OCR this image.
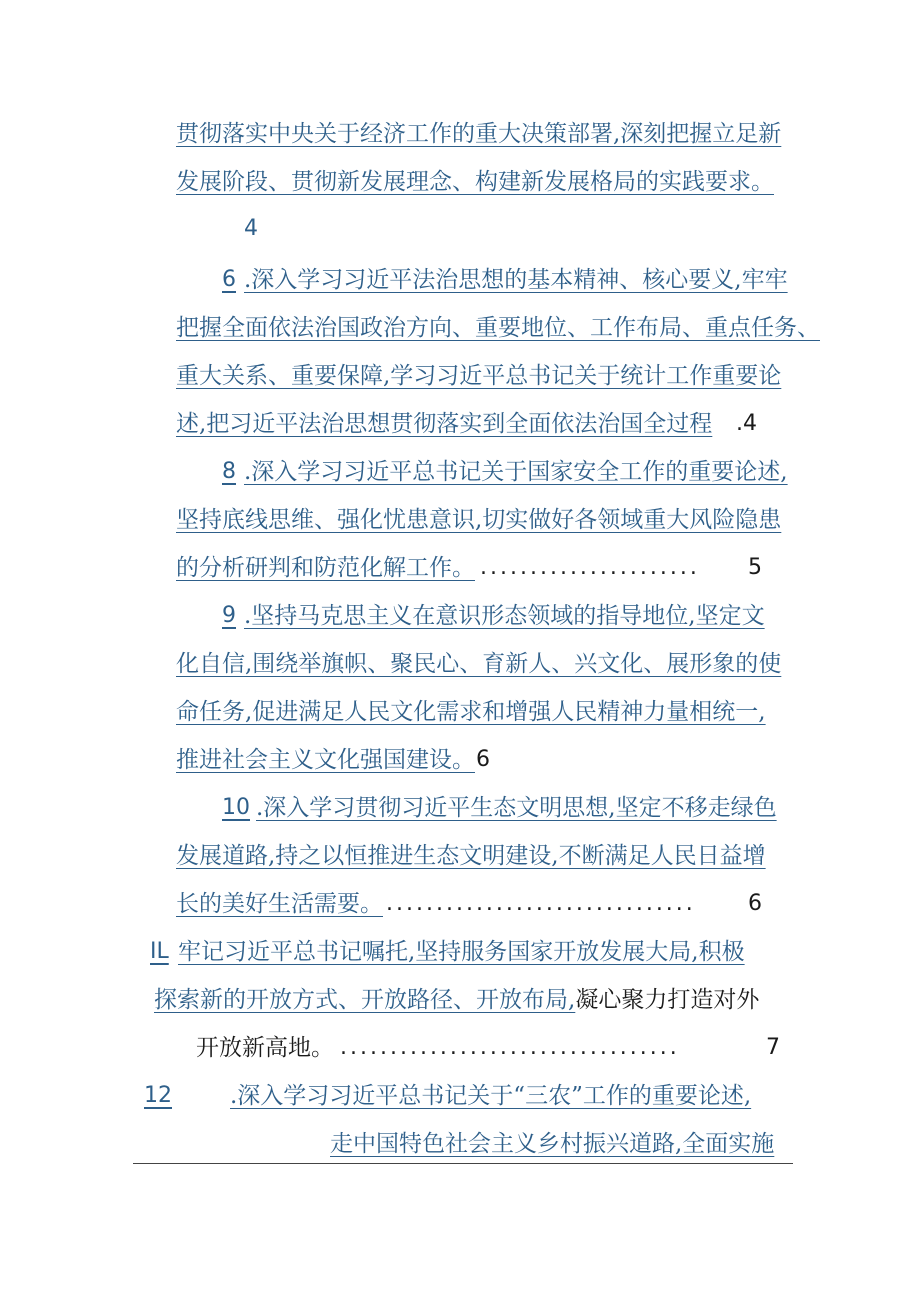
贯彻落实中央关于经济工作的重大决策部署,深刻把握立足新
发展阶段、贯彻新发展理念、构建新发展格局的实践要求。
4
6 .深入学习习近平法治思想的基本精神、核心要义,牢牢
把握全面依法治国政治方向、重要地位、工作布局、重点任务、
重大关系、重要保障,学习习近平总书记关于统计工作重要论
述,把习近平法治思想贯彻落实到全面依法治国全过程 .4
8 .深入学习习近平总书记关于国家安全工作的重要论述,
坚持底线思维、强化忧患意识,切实做好各领域重大风险隐患
的分析研判和防范化解工作。 ...................... 5
9 .坚持马克思主义在意识形态领域的指导地位,坚定文
化自信,围绕举旗帜、聚民心、育新人、兴文化、展形象的使
命任务,促进满足人民文化需求和增强人民精神力量相统一,
推进社会主义文化强国建设。 6
10 .深入学习贯彻习近平生态文明思想,坚定不移走绿色
发展道路,持之以恒推进生态文明建设,不断满足人民日益增
长的美好生活需要。 ............................... 6
IL 牢记习近平总书记嘱托,坚持服务国家开放发展大局,积极
探索新的开放方式、开放路径、开放布局,凝心聚力打造对外
开放新高地。 ..................................	7
12	.深入学习习近平总书记关于“三农”工作的重要论述,
走中国特色社会主义乡村振兴道路,全面实施
